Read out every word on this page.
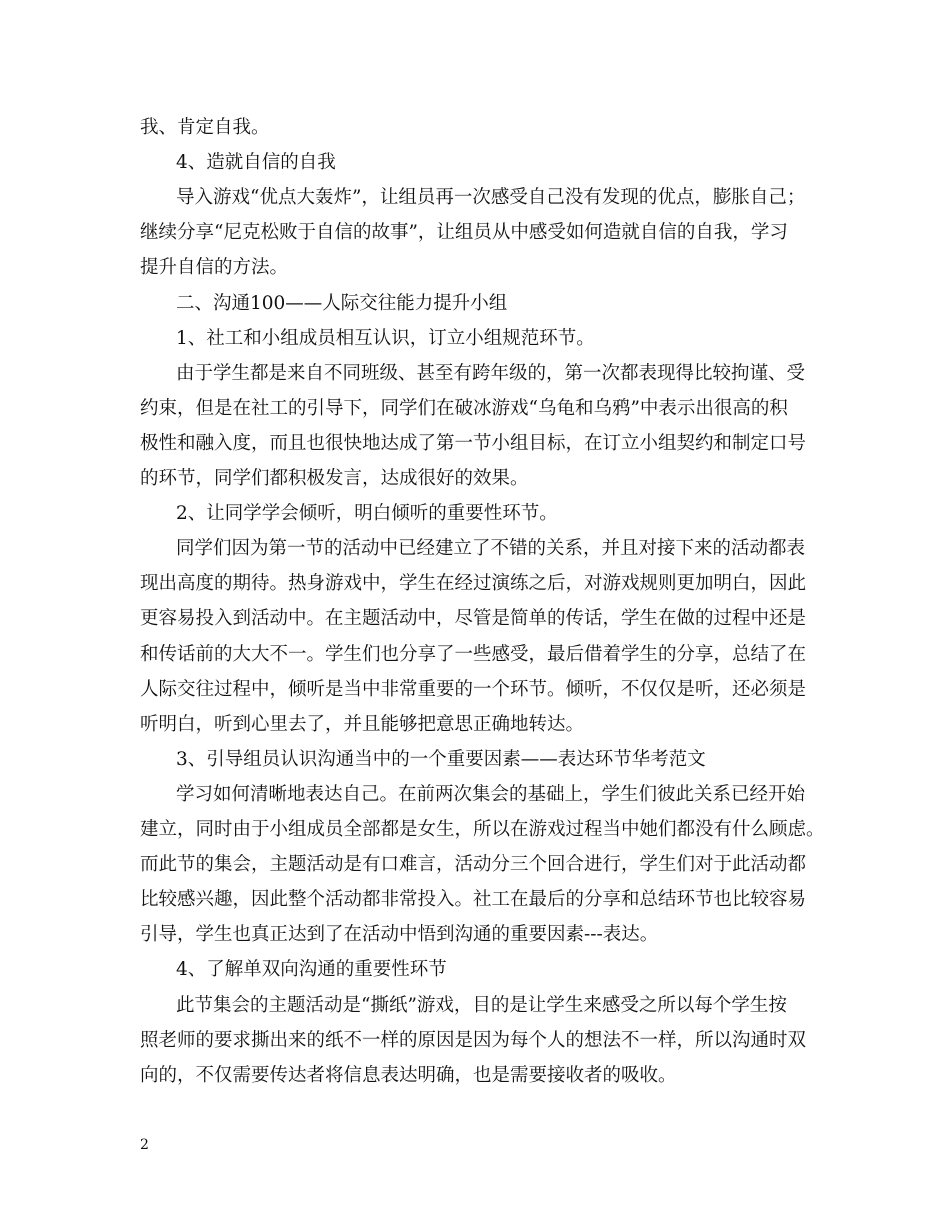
我、肯定自我。
4、造就自信的自我
导入游戏“优点大轰炸”，让组员再一次感受自己没有发现的优点，膨胀自己；
继续分享“尼克松败于自信的故事”，让组员从中感受如何造就自信的自我，学习
提升自信的方法。
二、沟通100——人际交往能力提升小组
1、社工和小组成员相互认识，订立小组规范环节。
由于学生都是来自不同班级、甚至有跨年级的，第一次都表现得比较拘谨、受
约束，但是在社工的引导下，同学们在破冰游戏“乌龟和乌鸦”中表示出很高的积
极性和融入度，而且也很快地达成了第一节小组目标，在订立小组契约和制定口号
的环节，同学们都积极发言，达成很好的效果。
2、让同学学会倾听，明白倾听的重要性环节。
同学们因为第一节的活动中已经建立了不错的关系，并且对接下来的活动都表
现出高度的期待。热身游戏中，学生在经过演练之后，对游戏规则更加明白，因此
更容易投入到活动中。在主题活动中，尽管是简单的传话，学生在做的过程中还是
和传话前的大大不一。学生们也分享了一些感受，最后借着学生的分享，总结了在
人际交往过程中，倾听是当中非常重要的一个环节。倾听，不仅仅是听，还必须是
听明白，听到心里去了，并且能够把意思正确地转达。
3、引导组员认识沟通当中的一个重要因素——表达环节华考范文
学习如何清晰地表达自己。在前两次集会的基础上，学生们彼此关系已经开始
建立，同时由于小组成员全部都是女生，所以在游戏过程当中她们都没有什么顾虑。
而此节的集会，主题活动是有口难言，活动分三个回合进行，学生们对于此活动都
比较感兴趣，因此整个活动都非常投入。社工在最后的分享和总结环节也比较容易
引导，学生也真正达到了在活动中悟到沟通的重要因素---表达。
4、了解单双向沟通的重要性环节
此节集会的主题活动是“撕纸”游戏，目的是让学生来感受之所以每个学生按
照老师的要求撕出来的纸不一样的原因是因为每个人的想法不一样，所以沟通时双
向的，不仅需要传达者将信息表达明确，也是需要接收者的吸收。
2
